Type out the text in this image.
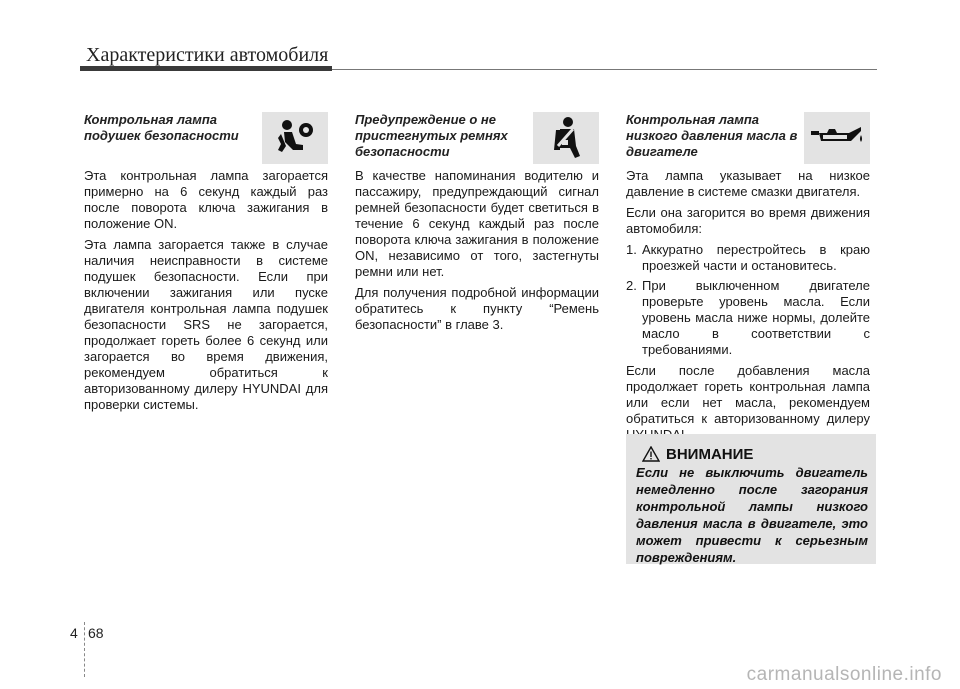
Характеристики автомобиля
Контрольная лампа подушек безопасности

Эта контрольная лампа загорается примерно на 6 секунд каждый раз после поворота ключа зажигания в положение ON.

Эта лампа загорается также в случае наличия неисправности в системе подушек безопасности. Если при включении зажигания или пуске двигателя контрольная лампа подушек безопасности SRS не загорается, продолжает гореть более 6 секунд или загорается во время движения, рекомендуем обратиться к авторизованному дилеру HYUNDAI для проверки системы.

Предупреждение о не пристегнутых ремнях безопасности

В качестве напоминания водителю и пассажиру, предупреждающий сигнал ремней безопасности будет светиться в течение 6 секунд каждый раз после поворота ключа зажигания в положение ON, независимо от того, застегнуты ремни или нет.

Для получения подробной информации обратитесь к пункту “Ремень безопасности” в главе 3.

Контрольная лампа низкого давления масла в двигателе

Эта лампа указывает на низкое давление в системе смазки двигателя.

Если она загорится во время движения автомобиля:

1. Аккуратно перестройтесь в краю проезжей части и остановитесь.
2. При выключенном двигателе проверьте уровень масла. Если уровень масла ниже нормы, долейте масло в соответствии с требованиями.

Если после добавления масла продолжает гореть контрольная лампа или если нет масла, рекомендуем обратиться к авторизованному дилеру

ВНИМАНИЕ
Если не выключить двигатель немедленно после загорания контрольной лампы низкого давления масла в двигателе, это может привести к серьезным повреждениям.
4 68
carmanualsonline.info
